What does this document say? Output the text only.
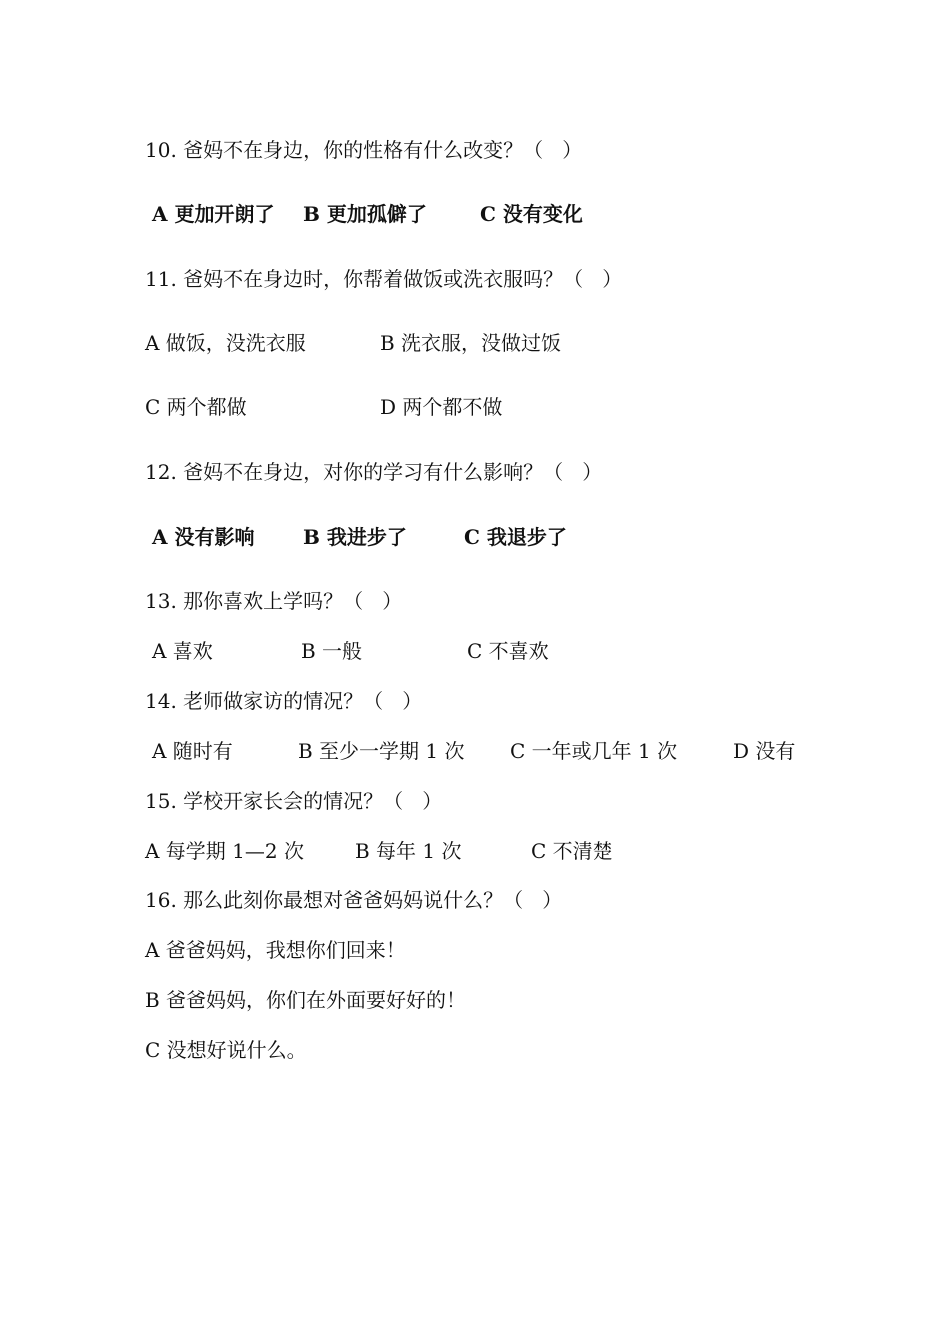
10. 爸妈不在身边，你的性格有什么改变？（   ）
A 更加开朗了 B 更加孤僻了	C 没有变化
11. 爸妈不在身边时，你帮着做饭或洗衣服吗？（   ）
A 做饭，没洗衣服	B 洗衣服，没做过饭
C 两个都做	D 两个都不做
12. 爸妈不在身边，对你的学习有什么影响？（   ）
A 没有影响 B 我进步了	C 我退步了
13. 那你喜欢上学吗？（   ）
A 喜欢	B 一般	C 不喜欢
14. 老师做家访的情况？（   ）
A 随时有	B 至少一学期 1 次 C 一年或几年 1 次	D 没有
15. 学校开家长会的情况？（   ）
A 每学期 1—2 次	B 每年 1 次	C 不清楚
16. 那么此刻你最想对爸爸妈妈说什么？（   ）
A 爸爸妈妈，我想你们回来！
B 爸爸妈妈，你们在外面要好好的！
C 没想好说什么。
